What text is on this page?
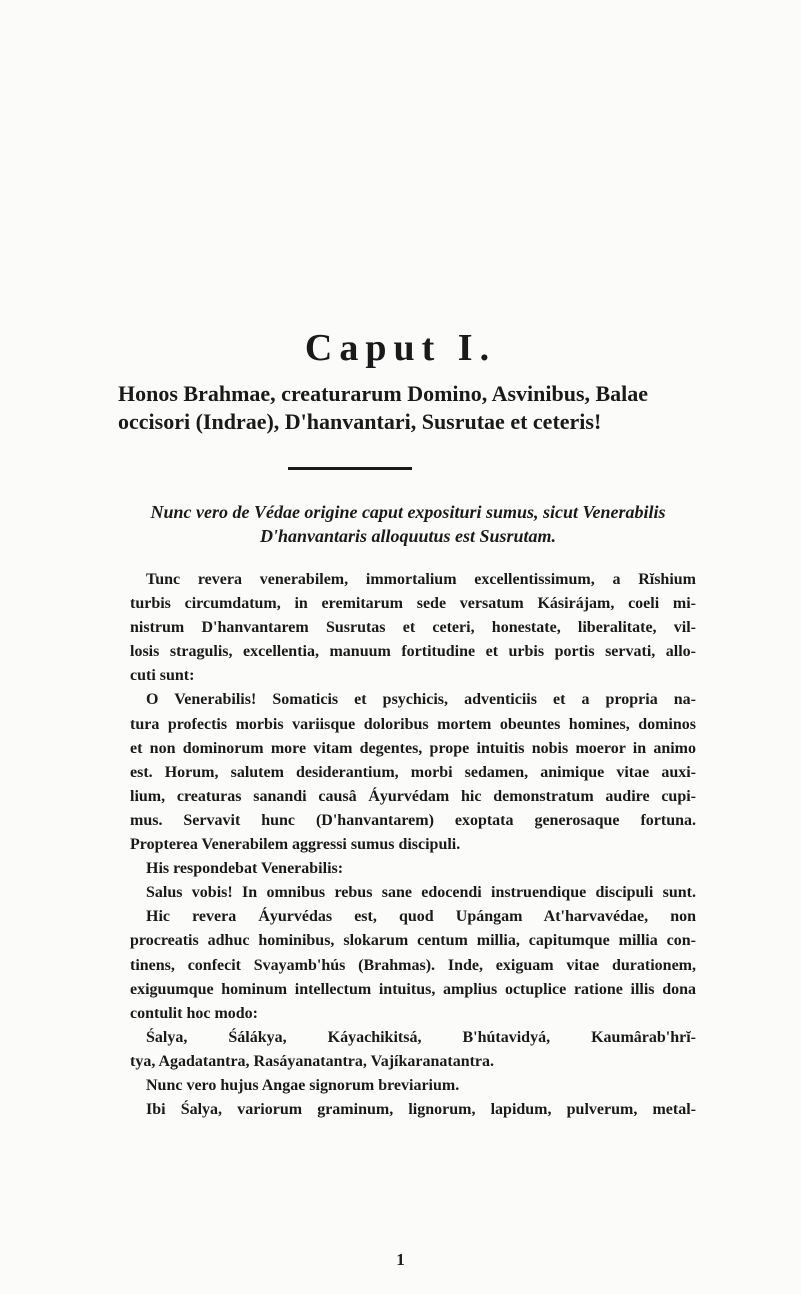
Caput I.
Honos Brahmae, creaturarum Domino, Asvinibus, Balae
occisori (Indrae), D'hanvantari, Susrutae et ceteris!
Nunc vero de Védae origine caput exposituri sumus, sicut Venerabilis
D'hanvantaris alloquutus est Susrutam.
Tunc revera venerabilem, immortalium excellentissimum, a Rĭshium
turbis circumdatum, in eremitarum sede versatum Kásirájam, coeli mi-
nistrum D'hanvantarem Susrutas et ceteri, honestate, liberalitate, vil-
losis stragulis, excellentia, manuum fortitudine et urbis portis servati, allo-
cuti sunt:
O Venerabilis! Somaticis et psychicis, adventiciis et a propria na-
tura profectis morbis variisque doloribus mortem obeuntes homines, dominos
et non dominorum more vitam degentes, prope intuitis nobis moeror in animo
est. Horum, salutem desiderantium, morbi sedamen, animique vitae auxi-
lium, creaturas sanandi causâ Áyurvédam hic demonstratum audire cupi-
mus. Servavit hunc (D'hanvantarem) exoptata generosaque fortuna.
Propterea Venerabilem aggressi sumus discipuli.
His respondebat Venerabilis:
Salus vobis! In omnibus rebus sane edocendi instruendique discipuli sunt.
Hic revera Áyurvédas est, quod Upángam At'harvavédae, non
procreatis adhuc hominibus, slokarum centum millia, capitumque millia con-
tinens, confecit Svayamb'hús (Brahmas). Inde, exiguam vitae durationem,
exiguumque hominum intellectum intuitus, amplius octuplice ratione illis dona
contulit hoc modo:
Śalya, Śálákya, Káyachikitsá, B'hútavidyá, Kaumârab'hrĭ-
tya, Agadatantra, Rasáyanatantra, Vajíkaranatantra.
Nunc vero hujus Angae signorum breviarium.
Ibi Śalya, variorum graminum, lignorum, lapidum, pulverum, metal-
1
